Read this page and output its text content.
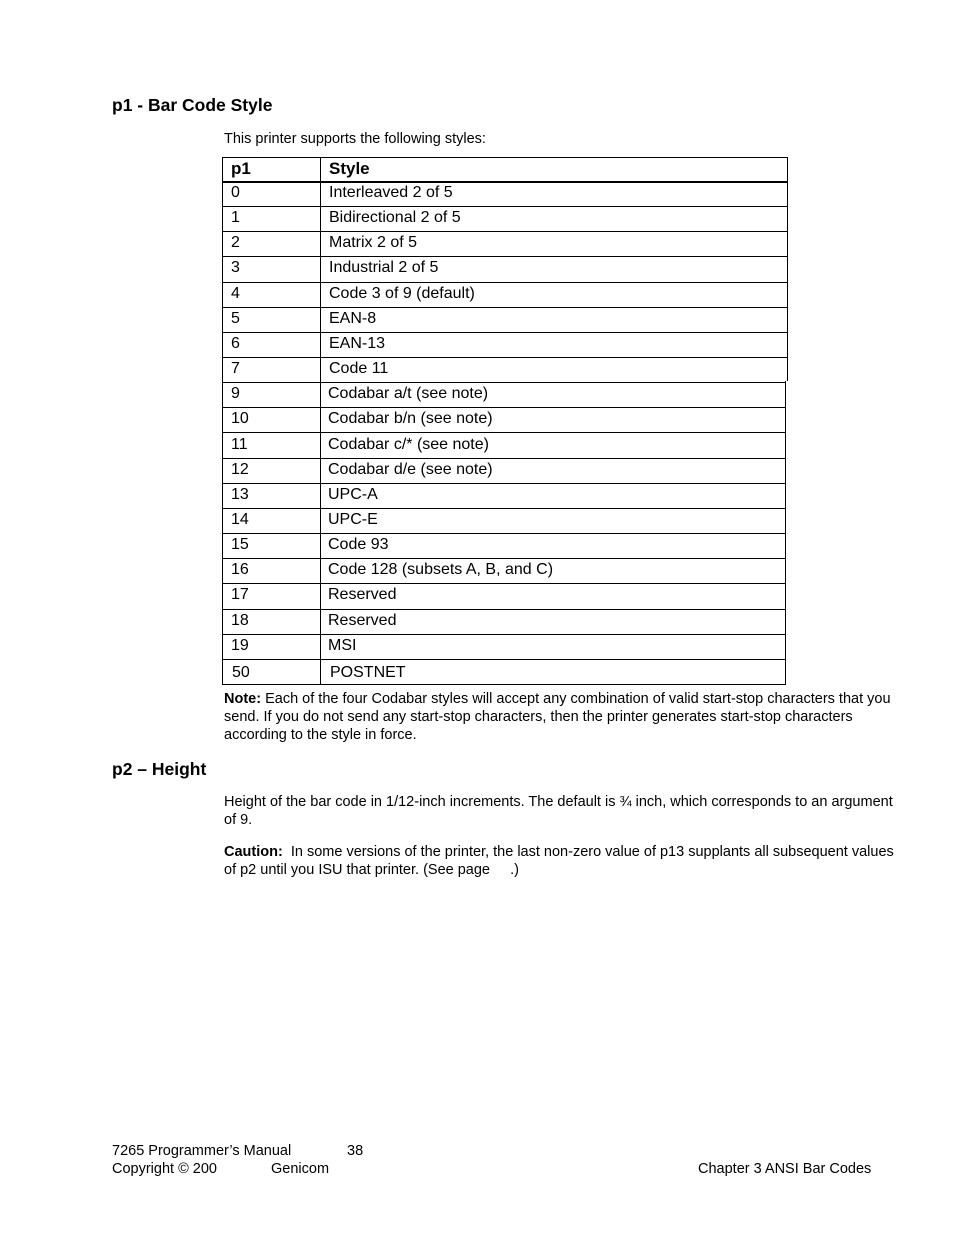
p1 - Bar Code Style

This printer supports the following styles:

p1	Style
0	Interleaved 2 of 5
1	Bidirectional 2 of 5
2	Matrix 2 of 5
3	Industrial 2 of 5
4	Code 3 of 9 (default)
5	EAN-8
6	EAN-13
7	Code 11
9	Codabar a/t (see note)
10	Codabar b/n (see note)
11	Codabar c/* (see note)
12	Codabar d/e (see note)
13	UPC-A
14	UPC-E
15	Code 93
16	Code 128 (subsets A, B, and C)
17	Reserved
18	Reserved
19	MSI
50	POSTNET

Note: Each of the four Codabar styles will accept any combination of valid start-stop characters that you send. If you do not send any start-stop characters, then the printer generates start-stop characters according to the style in force.

p2 – Height

Height of the bar code in 1/12-inch increments. The default is ¾ inch, which corresponds to an argument of 9.

Caution:  In some versions of the printer, the last non-zero value of p13 supplants all subsequent values of p2 until you ISU that printer. (See page     .)

7265 Programmer’s Manual	38
Copyright © 200	Genicom	Chapter 3 ANSI Bar Codes
